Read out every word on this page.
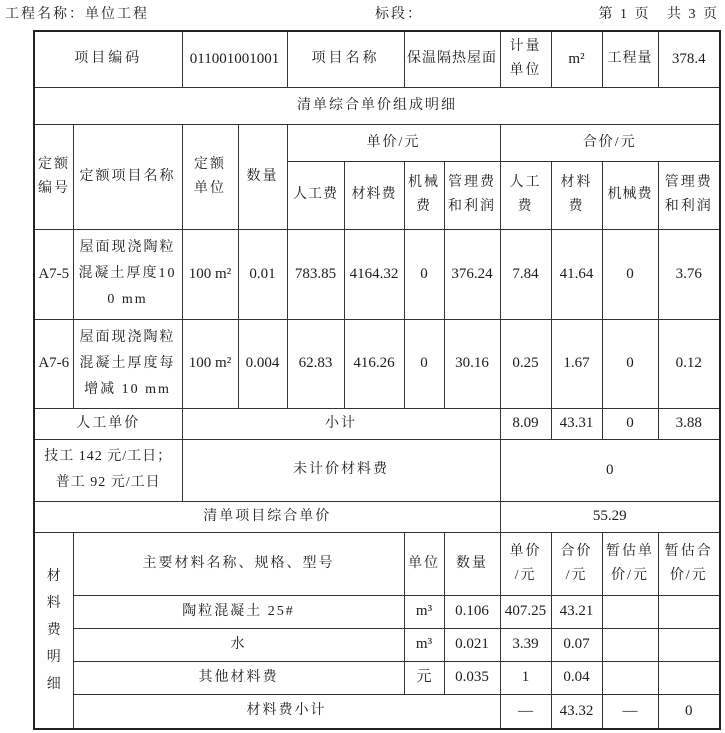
工程名称：单位工程	标段：	第 1 页   共 3 页
项目编码		011001001001		项目名称		保温隔热屋面		计量单位	m²	工程量	378.4
清单综合单价组成明细											
定额编号	定额项目名称	定额单位	数量	单价/元				合价/元			
				人工费	材料费	机械费	管理费和利润	人工费	材料费	机械费	管理费和利润
A7-5	屋面现浇陶粒混凝土厚度100 mm	100 m²	0.01	783.85	4164.32	0	376.24	7.84	41.64	0	3.76
A7-6	屋面现浇陶粒混凝土厚度每增减 10 mm	100 m²	0.004	62.83	416.26	0	30.16	0.25	1.67	0	0.12
人工单价		小计						8.09	43.31	0	3.88

技工 142 元/工日；
普工 92 元/工日		未计价材料费						0			
清单项目综合单价								55.29			
材料费明细	主要材料名称、规格、型号					单位	数量	单价/元	合价/元	暂估单价/元	暂估合价/元
	陶粒混凝土 25#					m³	0.106	407.25	43.21		
	水					m³	0.021	3.39	0.07		
	其他材料费					元	0.035	1	0.04		
	材料费小计							—	43.32	—	0
